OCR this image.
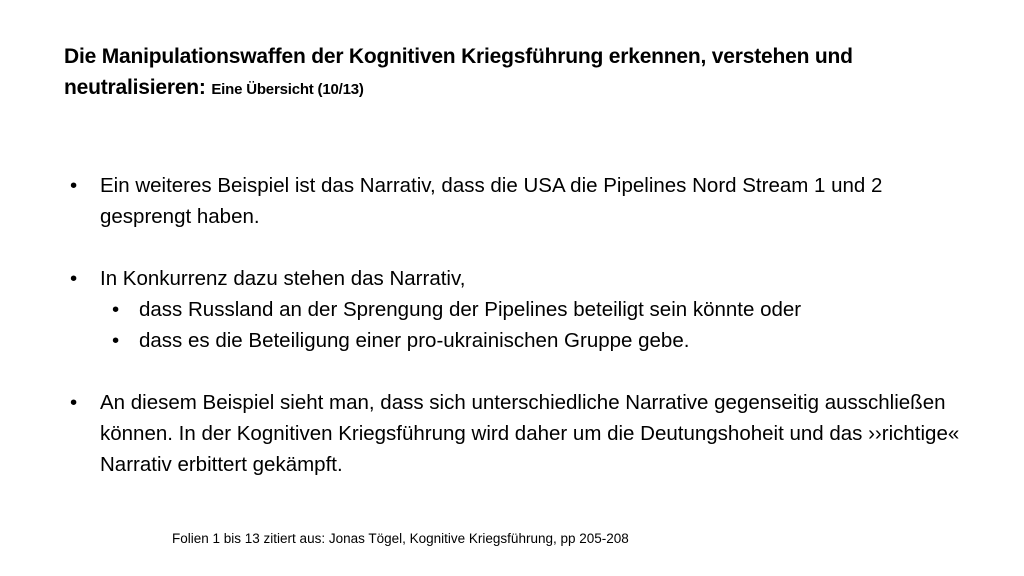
Die Manipulationswaffen der Kognitiven Kriegsführung erkennen, verstehen und neutralisieren: Eine Übersicht (10/13)
• Ein weiteres Beispiel ist das Narrativ, dass die USA die Pipelines Nord Stream 1 und 2 gesprengt haben.
• In Konkurrenz dazu stehen das Narrativ,
• dass Russland an der Sprengung der Pipelines beteiligt sein könnte oder
• dass es die Beteiligung einer pro-ukrainischen Gruppe gebe.
• An diesem Beispiel sieht man, dass sich unterschiedliche Narrative gegenseitig ausschließen können. In der Kognitiven Kriegsführung wird daher um die Deutungshoheit und das ››richtige« Narrativ erbittert gekämpft.
Folien 1 bis 13 zitiert aus: Jonas Tögel, Kognitive Kriegsführung, pp 205-208
